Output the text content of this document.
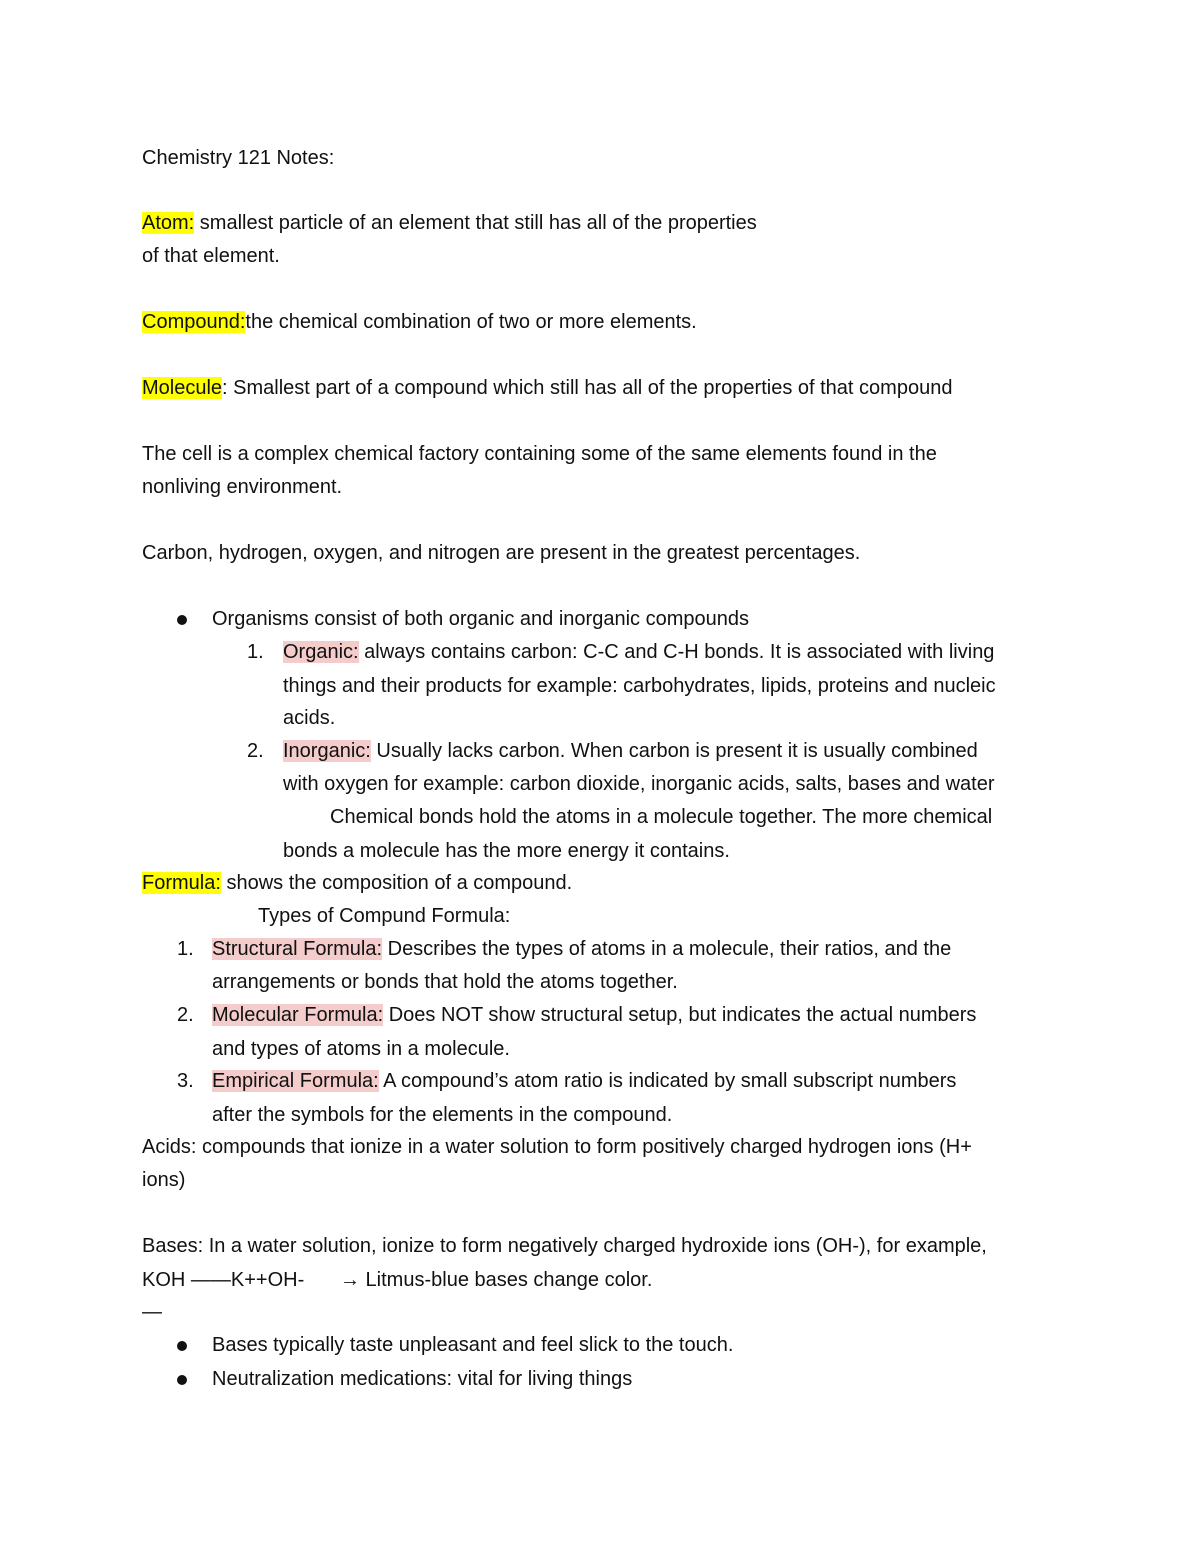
Chemistry 121 Notes:
Atom: smallest particle of an element that still has all of the properties
of that element.
Compound:the chemical combination of two or more elements.
Molecule: Smallest part of a compound which still has all of the properties of that compound
The cell is a complex chemical factory containing some of the same elements found in the
nonliving environment.
Carbon, hydrogen, oxygen, and nitrogen are present in the greatest percentages.
Organisms consist of both organic and inorganic compounds
1. Organic: always contains carbon: C-C and C-H bonds. It is associated with living
things and their products for example: carbohydrates, lipids, proteins and nucleic
acids.
2. Inorganic: Usually lacks carbon. When carbon is present it is usually combined
with oxygen for example: carbon dioxide, inorganic acids, salts, bases and water
Chemical bonds hold the atoms in a molecule together. The more chemical
bonds a molecule has the more energy it contains.
Formula: shows the composition of a compound.
Types of Compund Formula:
1. Structural Formula: Describes the types of atoms in a molecule, their ratios, and the
arrangements or bonds that hold the atoms together.
2. Molecular Formula: Does NOT show structural setup, but indicates the actual numbers
and types of atoms in a molecule.
3. Empirical Formula: A compound’s atom ratio is indicated by small subscript numbers
after the symbols for the elements in the compound.
Acids: compounds that ionize in a water solution to form positively charged hydrogen ions (H+
ions)
Bases: In a water solution, ionize to form negatively charged hydroxide ions (OH-), for example,
KOH ——K++OH- → Litmus-blue bases change color.
—
Bases typically taste unpleasant and feel slick to the touch.
Neutralization medications: vital for living things
